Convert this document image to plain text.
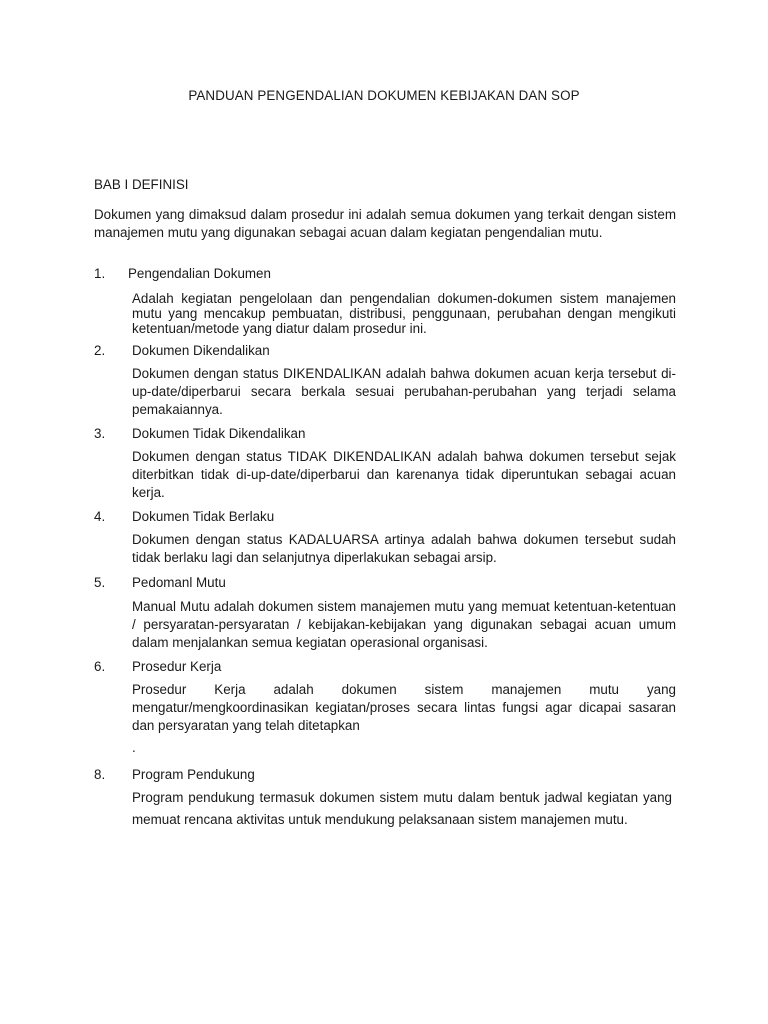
PANDUAN PENGENDALIAN DOKUMEN KEBIJAKAN DAN SOP
BAB I DEFINISI
Dokumen yang dimaksud dalam prosedur ini adalah semua dokumen yang terkait dengan sistem manajemen mutu yang digunakan sebagai acuan dalam kegiatan pengendalian mutu.
1. Pengendalian Dokumen
Adalah kegiatan pengelolaan dan pengendalian dokumen-dokumen sistem manajemen mutu yang mencakup pembuatan, distribusi, penggunaan, perubahan dengan mengikuti ketentuan/metode yang diatur dalam prosedur ini.
2. Dokumen Dikendalikan
Dokumen dengan status DIKENDALIKAN adalah bahwa dokumen acuan kerja tersebut di-up-date/diperbarui secara berkala sesuai perubahan-perubahan yang terjadi selama pemakaiannya.
3. Dokumen Tidak Dikendalikan
Dokumen dengan status TIDAK DIKENDALIKAN adalah bahwa dokumen tersebut sejak diterbitkan tidak di-up-date/diperbarui dan karenanya tidak diperuntukan sebagai acuan kerja.
4. Dokumen Tidak Berlaku
Dokumen dengan status KADALUARSA artinya adalah bahwa dokumen tersebut sudah tidak berlaku lagi dan selanjutnya diperlakukan sebagai arsip.
5. Pedomanl Mutu
Manual Mutu adalah dokumen sistem manajemen mutu yang memuat ketentuan-ketentuan / persyaratan-persyaratan / kebijakan-kebijakan yang digunakan sebagai acuan umum dalam menjalankan semua kegiatan operasional organisasi.
6. Prosedur Kerja
Prosedur Kerja adalah dokumen sistem manajemen mutu yang mengatur/mengkoordinasikan kegiatan/proses secara lintas fungsi agar dicapai sasaran dan persyaratan yang telah ditetapkan
.
8. Program Pendukung
Program pendukung termasuk dokumen sistem mutu dalam bentuk jadwal kegiatan yang memuat rencana aktivitas untuk mendukung pelaksanaan sistem manajemen mutu.
